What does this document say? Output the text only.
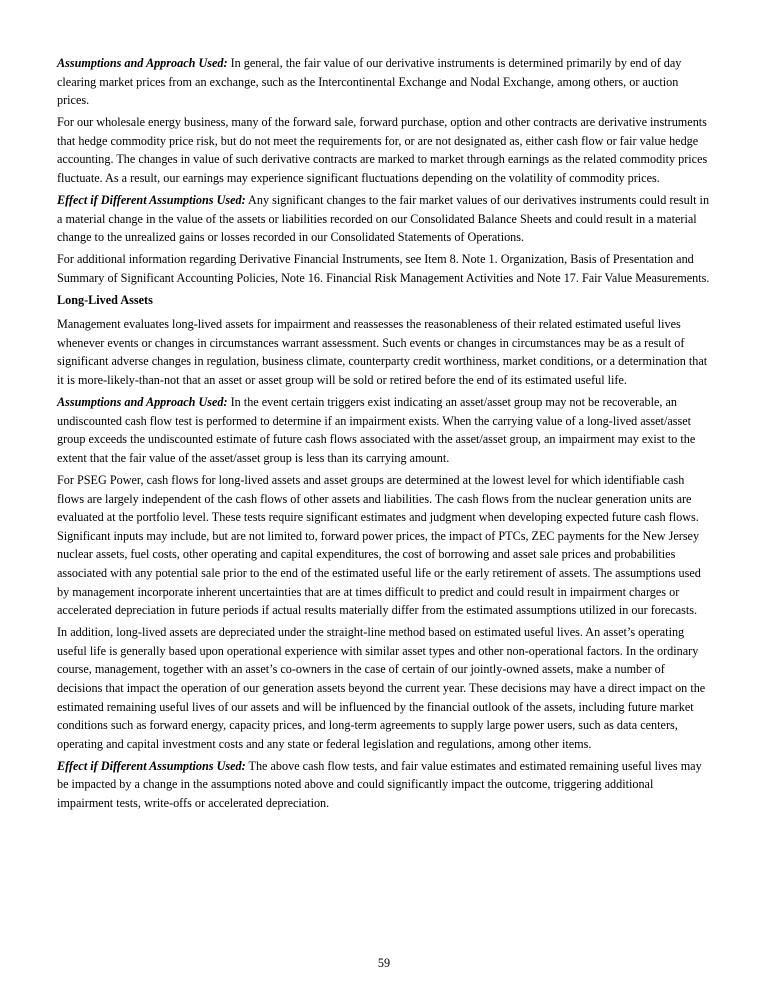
Assumptions and Approach Used: In general, the fair value of our derivative instruments is determined primarily by end of day clearing market prices from an exchange, such as the Intercontinental Exchange and Nodal Exchange, among others, or auction prices.

For our wholesale energy business, many of the forward sale, forward purchase, option and other contracts are derivative instruments that hedge commodity price risk, but do not meet the requirements for, or are not designated as, either cash flow or fair value hedge accounting. The changes in value of such derivative contracts are marked to market through earnings as the related commodity prices fluctuate. As a result, our earnings may experience significant fluctuations depending on the volatility of commodity prices.

Effect if Different Assumptions Used: Any significant changes to the fair market values of our derivatives instruments could result in a material change in the value of the assets or liabilities recorded on our Consolidated Balance Sheets and could result in a material change to the unrealized gains or losses recorded in our Consolidated Statements of Operations.

For additional information regarding Derivative Financial Instruments, see Item 8. Note 1. Organization, Basis of Presentation and Summary of Significant Accounting Policies, Note 16. Financial Risk Management Activities and Note 17. Fair Value Measurements.

Long-Lived Assets

Management evaluates long-lived assets for impairment and reassesses the reasonableness of their related estimated useful lives whenever events or changes in circumstances warrant assessment. Such events or changes in circumstances may be as a result of significant adverse changes in regulation, business climate, counterparty credit worthiness, market conditions, or a determination that it is more-likely-than-not that an asset or asset group will be sold or retired before the end of its estimated useful life.

Assumptions and Approach Used: In the event certain triggers exist indicating an asset/asset group may not be recoverable, an undiscounted cash flow test is performed to determine if an impairment exists. When the carrying value of a long-lived asset/asset group exceeds the undiscounted estimate of future cash flows associated with the asset/asset group, an impairment may exist to the extent that the fair value of the asset/asset group is less than its carrying amount.

For PSEG Power, cash flows for long-lived assets and asset groups are determined at the lowest level for which identifiable cash flows are largely independent of the cash flows of other assets and liabilities. The cash flows from the nuclear generation units are evaluated at the portfolio level. These tests require significant estimates and judgment when developing expected future cash flows. Significant inputs may include, but are not limited to, forward power prices, the impact of PTCs, ZEC payments for the New Jersey nuclear assets, fuel costs, other operating and capital expenditures, the cost of borrowing and asset sale prices and probabilities associated with any potential sale prior to the end of the estimated useful life or the early retirement of assets. The assumptions used by management incorporate inherent uncertainties that are at times difficult to predict and could result in impairment charges or accelerated depreciation in future periods if actual results materially differ from the estimated assumptions utilized in our forecasts.

In addition, long-lived assets are depreciated under the straight-line method based on estimated useful lives. An asset’s operating useful life is generally based upon operational experience with similar asset types and other non-operational factors. In the ordinary course, management, together with an asset’s co-owners in the case of certain of our jointly-owned assets, make a number of decisions that impact the operation of our generation assets beyond the current year. These decisions may have a direct impact on the estimated remaining useful lives of our assets and will be influenced by the financial outlook of the assets, including future market conditions such as forward energy, capacity prices, and long-term agreements to supply large power users, such as data centers, operating and capital investment costs and any state or federal legislation and regulations, among other items.

Effect if Different Assumptions Used: The above cash flow tests, and fair value estimates and estimated remaining useful lives may be impacted by a change in the assumptions noted above and could significantly impact the outcome, triggering additional impairment tests, write-offs or accelerated depreciation.

59
